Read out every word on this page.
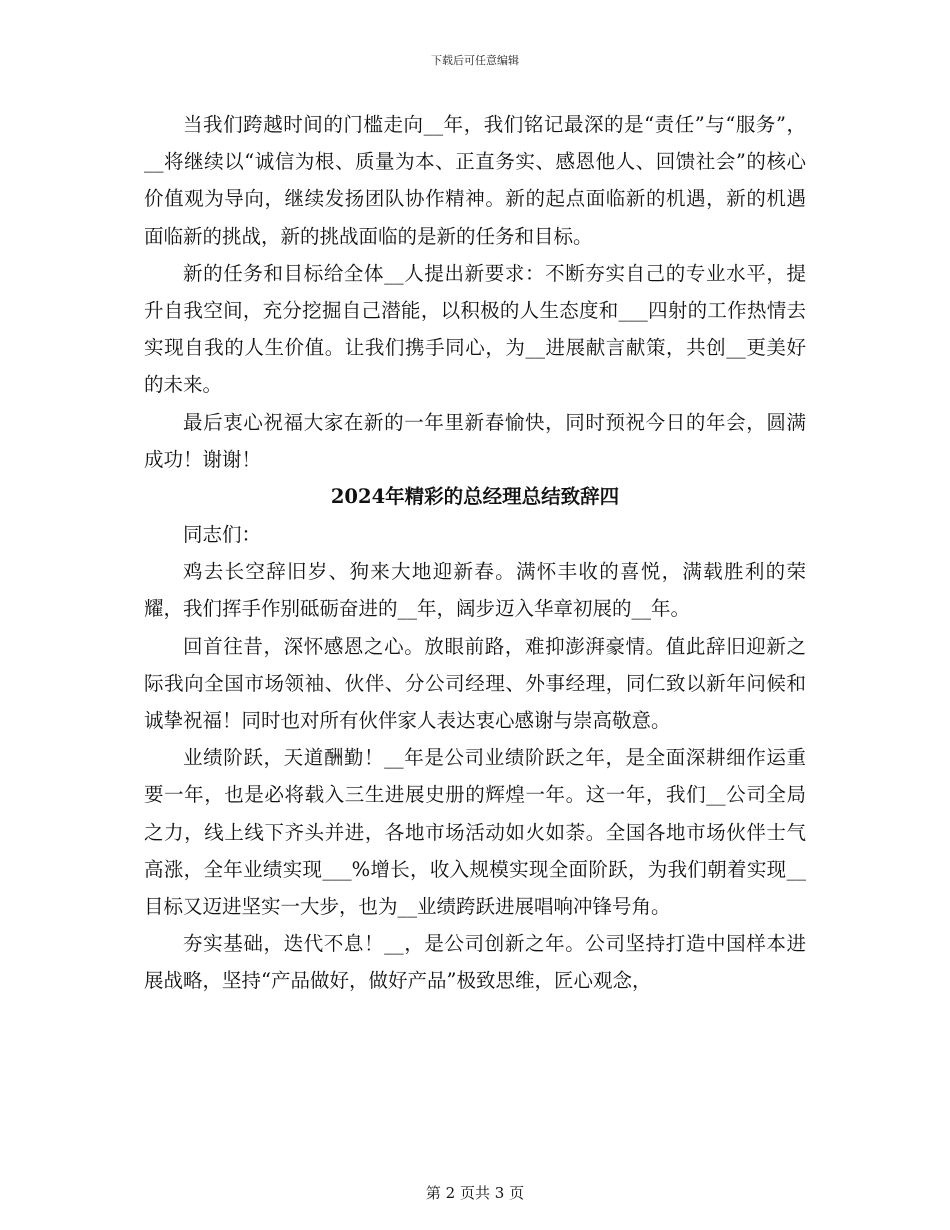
下载后可任意编辑

当我们跨越时间的门槛走向__年，我们铭记最深的是“责任”与“服务”，__将继续以“诚信为根、质量为本、正直务实、感恩他人、回馈社会”的核心价值观为导向，继续发扬团队协作精神。新的起点面临新的机遇，新的机遇面临新的挑战，新的挑战面临的是新的任务和目标。

新的任务和目标给全体__人提出新要求：不断夯实自己的专业水平，提升自我空间，充分挖掘自己潜能，以积极的人生态度和___四射的工作热情去实现自我的人生价值。让我们携手同心，为__进展献言献策，共创__更美好的未来。

最后衷心祝福大家在新的一年里新春愉快，同时预祝今日的年会，圆满成功！谢谢！

2024年精彩的总经理总结致辞四

同志们：

鸡去长空辞旧岁、狗来大地迎新春。满怀丰收的喜悦，满载胜利的荣耀，我们挥手作别砥砺奋进的__年，阔步迈入华章初展的__年。

回首往昔，深怀感恩之心。放眼前路，难抑澎湃豪情。值此辞旧迎新之际我向全国市场领袖、伙伴、分公司经理、外事经理，同仁致以新年问候和诚挚祝福！同时也对所有伙伴家人表达衷心感谢与崇高敬意。

业绩阶跃，天道酬勤！__年是公司业绩阶跃之年，是全面深耕细作运重要一年，也是必将载入三生进展史册的辉煌一年。这一年，我们__公司全局之力，线上线下齐头并进，各地市场活动如火如荼。全国各地市场伙伴士气高涨，全年业绩实现___%增长，收入规模实现全面阶跃，为我们朝着实现__目标又迈进坚实一大步，也为__业绩跨跃进展唱响冲锋号角。

夯实基础，迭代不息！__，是公司创新之年。公司坚持打造中国样本进展战略，坚持“产品做好，做好产品”极致思维，匠心观念，

第 2 页共 3 页
